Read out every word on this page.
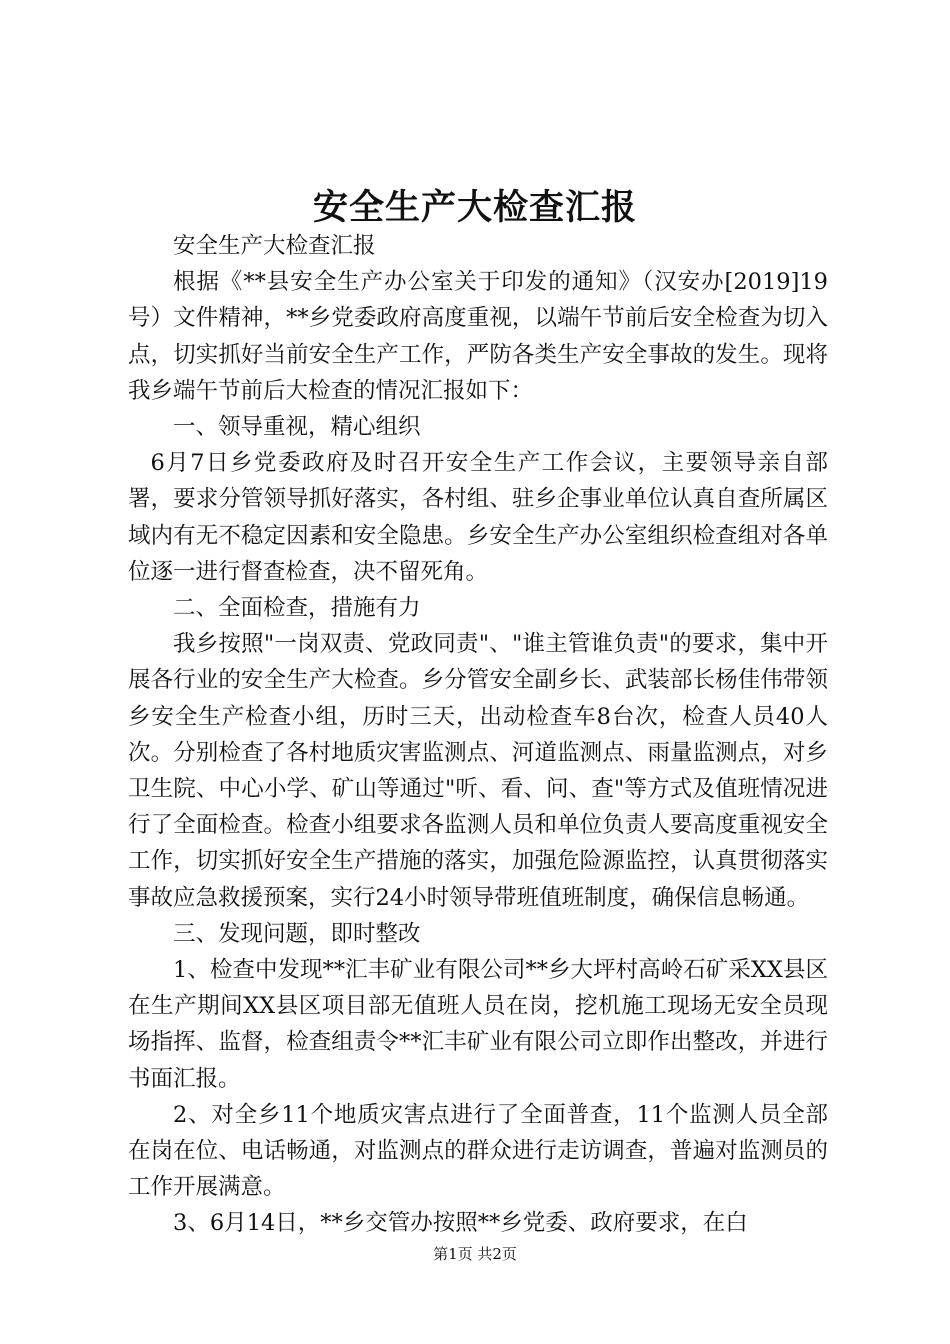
安全生产大检查汇报

安全生产大检查汇报

根据《**县安全生产办公室关于印发的通知》（汉安办[2019]19号）文件精神，**乡党委政府高度重视，以端午节前后安全检查为切入点，切实抓好当前安全生产工作，严防各类生产安全事故的发生。现将我乡端午节前后大检查的情况汇报如下：

一、领导重视，精心组织

6月7日乡党委政府及时召开安全生产工作会议，主要领导亲自部署，要求分管领导抓好落实，各村组、驻乡企事业单位认真自查所属区域内有无不稳定因素和安全隐患。乡安全生产办公室组织检查组对各单位逐一进行督查检查，决不留死角。

二、全面检查，措施有力

我乡按照"一岗双责、党政同责"、"谁主管谁负责"的要求，集中开展各行业的安全生产大检查。乡分管安全副乡长、武装部长杨佳伟带领乡安全生产检查小组，历时三天，出动检查车8台次，检查人员40人次。分别检查了各村地质灾害监测点、河道监测点、雨量监测点，对乡卫生院、中心小学、矿山等通过"听、看、问、查"等方式及值班情况进行了全面检查。检查小组要求各监测人员和单位负责人要高度重视安全工作，切实抓好安全生产措施的落实，加强危险源监控，认真贯彻落实事故应急救援预案，实行24小时领导带班值班制度，确保信息畅通。

三、发现问题，即时整改

1、检查中发现**汇丰矿业有限公司**乡大坪村高岭石矿采XX县区在生产期间XX县区项目部无值班人员在岗，挖机施工现场无安全员现场指挥、监督，检查组责令**汇丰矿业有限公司立即作出整改，并进行书面汇报。

2、对全乡11个地质灾害点进行了全面普查，11个监测人员全部在岗在位、电话畅通，对监测点的群众进行走访调查，普遍对监测员的工作开展满意。

3、6月14日，**乡交管办按照**乡党委、政府要求，在白

第1页 共2页
